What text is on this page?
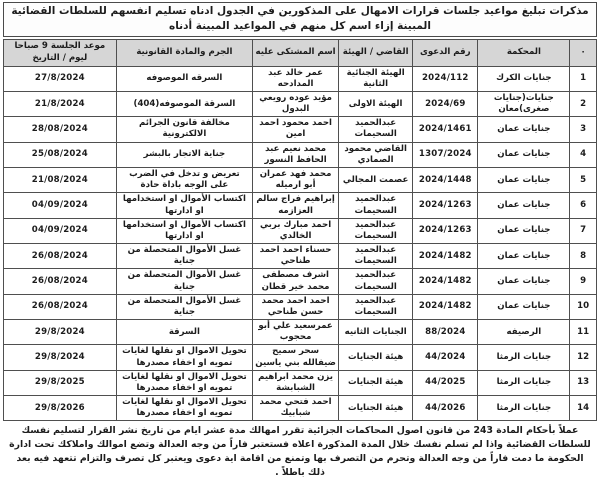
مذكرات تبليغ مواعيد جلسات قرارات الامهال على المذكورين في الجدول ادناه تسليم انفسهم للسلطات القضائية المبينة إزاء اسم كل منهم في المواعيد المبينة أدناه
٠	المحكمة	رقم الدعوى	القاضي / الهيئة	اسم المشتكى عليه	الجرم والمادة القانونية	موعد الجلسة 9 صباحا ليوم / التاريخ
1	جنايات الكرك	2024/112	الهيئة الجنائية الثانية	عمر خالد عبد المدادحه	السرقه الموصوفه	27/8/2024
2	جنايات(جنايات صغرى)معان	2024/69	الهيئة الاولى	مؤيد عوده رويعي البدول	السرقة الموصوفه(404)	21/8/2024
3	جنايات عمان	2024/1461	عبدالحميد السحيمات	احمد محمود احمد امين	مخالفة قانون الجرائم الالكترونية	28/08/2024
4	جنايات عمان	1307/2024	القاضي محمود الصمادي	محمد نعيم عبد الحافظ النسور	جناية الاتجار بالبشر	25/08/2024
5	جنايات عمان	2024/1448	عصمت المجالي	محمد فهد عمران أبو ارميله	تعريض و تدخل في الضرب على الوجه باداة حادة	21/08/2024
6	جنايات عمان	2024/1263	عبدالحميد السحيمات	إبراهيم فراج سالم العزازمه	اكتساب الأموال او استخدامها او ادارتها	04/09/2024
7	جنايات عمان	2024/1263	عبدالحميد السحيمات	احمد مبارك بربي الخالدي	اكتساب الأموال او استخدامها او ادارتها	04/09/2024
8	جنايات عمان	2024/1482	عبدالحميد السحيمات	حسناء احمد احمد طناحي	غسل الأموال المتحصلة من جناية	26/08/2024
9	جنايات عمان	2024/1482	عبدالحميد السحيمات	اشرف مصطفى محمد خير قطان	غسل الأموال المتحصلة من جناية	26/08/2024
10	جنايات عمان	2024/1482	عبدالحميد السحيمات	احمد احمد محمد حسن طناحي	غسل الأموال المتحصلة من جناية	26/08/2024
11	الرصيفه	88/2024	الجنايات الثانيه	عمرسعيد علي أبو محجوب	السرقة	29/8/2024
12	جنايات الرمثا	44/2024	هيئة الجنايات	سحر سميح ضيفالله بني ياسين	تحويل الاموال او نقلها لغايات تمويه او اخفاء مصدرها	29/8/2024
13	جنايات الرمثا	44/2025	هيئة الجنايات	يزن محمد ابراهيم الشبابشة	تحويل الاموال او نقلها لغايات تمويه او اخفاء مصدرها	29/8/2025
14	جنايات الرمثا	44/2026	هيئة الجنايات	احمد فتحي محمد شبابيك	تحويل الاموال او نقلها لغايات تمويه او اخفاء مصدرها	29/8/2026
عملاً بأحكام المادة 243 من قانون اصول المحاكمات الجزائية تقرر امهالك مدة عشر ايام من تاريخ نشر القرار لتسليم نفسك للسلطات القضائية واذا لم تسلم نفسك خلال المدة المذكورة اعلاه فستعتبر فاراً من وجه العدالة وتضع اموالك واملاكك تحت ادارة الحكومة ما دمت فاراً من وجه العدالة وتحرم من التصرف بها وتمنع من اقامة اية دعوى ويعتبر كل تصرف والتزام تتعهد فيه بعد ذلك باطلاً .
